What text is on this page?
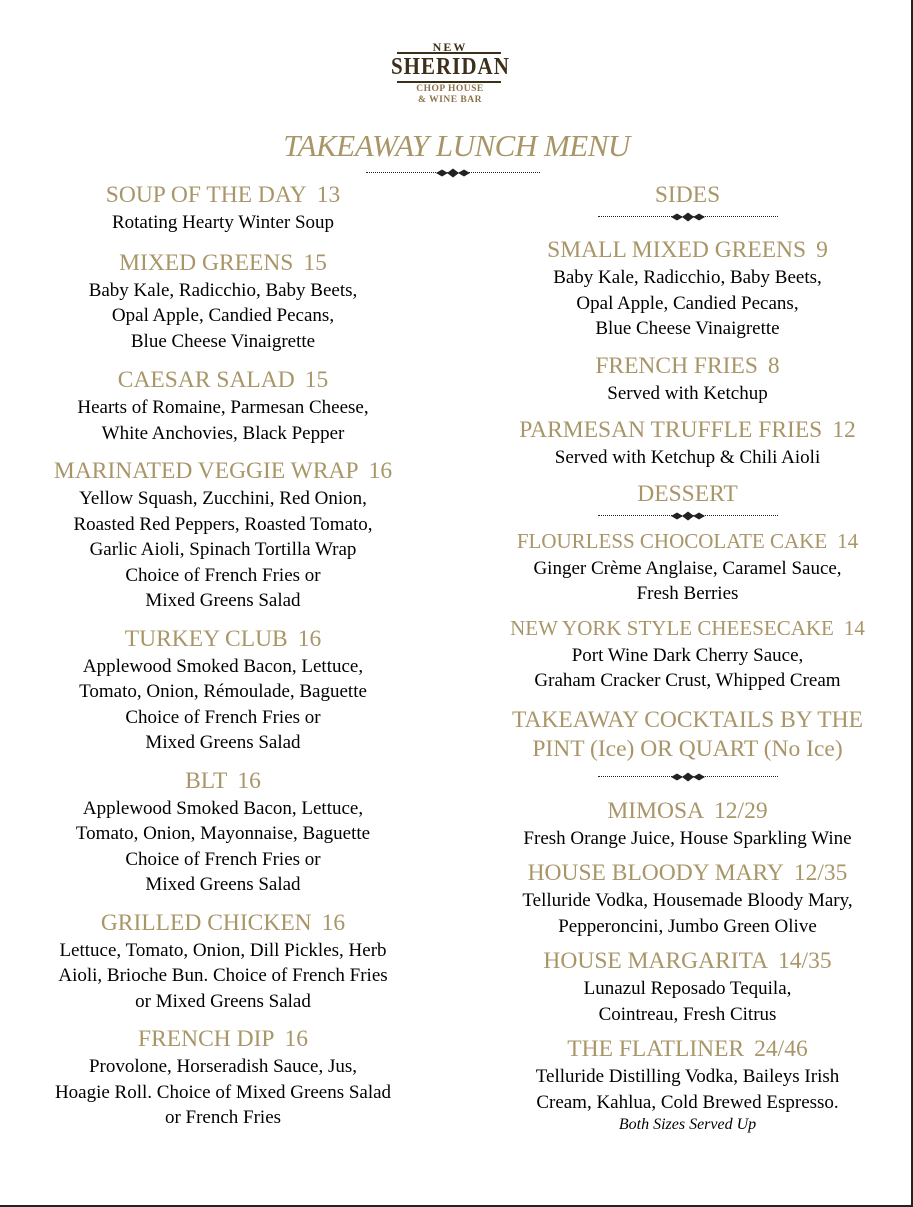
NEW
SHERIDAN
CHOP HOUSE
& WINE BAR
TAKEAWAY LUNCH MENU
SOUP OF THE DAY 13
Rotating Hearty Winter Soup
MIXED GREENS 15
Baby Kale, Radicchio, Baby Beets,
Opal Apple, Candied Pecans,
Blue Cheese Vinaigrette
CAESAR SALAD 15
Hearts of Romaine, Parmesan Cheese,
White Anchovies, Black Pepper
MARINATED VEGGIE WRAP 16
Yellow Squash, Zucchini, Red Onion,
Roasted Red Peppers, Roasted Tomato,
Garlic Aioli, Spinach Tortilla Wrap
Choice of French Fries or
Mixed Greens Salad
TURKEY CLUB 16
Applewood Smoked Bacon, Lettuce,
Tomato, Onion, Rémoulade, Baguette
Choice of French Fries or
Mixed Greens Salad
BLT 16
Applewood Smoked Bacon, Lettuce,
Tomato, Onion, Mayonnaise, Baguette
Choice of French Fries or
Mixed Greens Salad
GRILLED CHICKEN 16
Lettuce, Tomato, Onion, Dill Pickles, Herb
Aioli, Brioche Bun. Choice of French Fries
or Mixed Greens Salad
FRENCH DIP 16
Provolone, Horseradish Sauce, Jus,
Hoagie Roll. Choice of Mixed Greens Salad
or French Fries
SIDES
SMALL MIXED GREENS 9
Baby Kale, Radicchio, Baby Beets,
Opal Apple, Candied Pecans,
Blue Cheese Vinaigrette
FRENCH FRIES 8
Served with Ketchup
PARMESAN TRUFFLE FRIES 12
Served with Ketchup & Chili Aioli
DESSERT
FLOURLESS CHOCOLATE CAKE 14
Ginger Crème Anglaise, Caramel Sauce,
Fresh Berries
NEW YORK STYLE CHEESECAKE 14
Port Wine Dark Cherry Sauce,
Graham Cracker Crust, Whipped Cream
TAKEAWAY COCKTAILS BY THE
PINT (Ice) OR QUART (No Ice)
MIMOSA 12/29
Fresh Orange Juice, House Sparkling Wine
HOUSE BLOODY MARY 12/35
Telluride Vodka, Housemade Bloody Mary,
Pepperoncini, Jumbo Green Olive
HOUSE MARGARITA 14/35
Lunazul Reposado Tequila,
Cointreau, Fresh Citrus
THE FLATLINER 24/46
Telluride Distilling Vodka, Baileys Irish
Cream, Kahlua, Cold Brewed Espresso.
Both Sizes Served Up
